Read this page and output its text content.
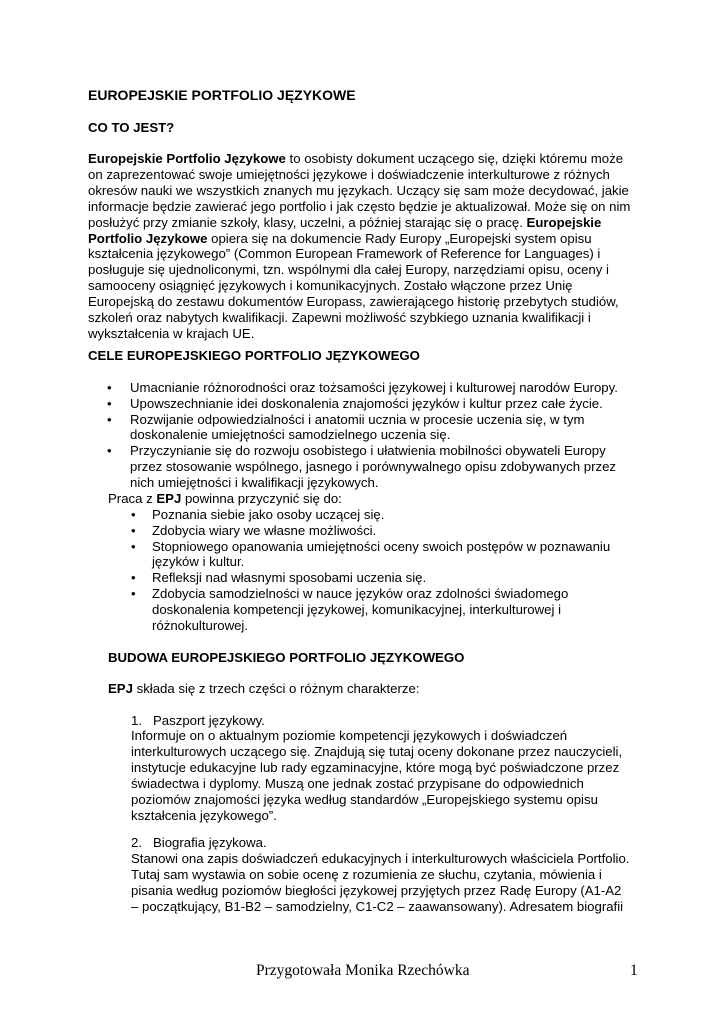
EUROPEJSKIE PORTFOLIO JĘZYKOWE
CO TO JEST?
Europejskie Portfolio Językowe to osobisty dokument uczącego się, dzięki któremu może
on zaprezentować swoje umiejętności językowe i doświadczenie interkulturowe z różnych
okresów nauki we wszystkich znanych mu językach. Uczący się sam może decydować, jakie
informacje będzie zawierać jego portfolio i jak często będzie je aktualizował. Może się on nim
posłużyć przy zmianie szkoły, klasy, uczelni, a później starając się o pracę. Europejskie
Portfolio Językowe opiera się na dokumencie Rady Europy „Europejski system opisu
kształcenia językowego” (Common European Framework of Reference for Languages) i
posługuje się ujednoliconymi, tzn. wspólnymi dla całej Europy, narzędziami opisu, oceny i
samooceny osiągnięć językowych i komunikacyjnych. Zostało włączone przez Unię
Europejską do zestawu dokumentów Europass, zawierającego historię przebytych studiów,
szkoleń oraz nabytych kwalifikacji. Zapewni możliwość szybkiego uznania kwalifikacji i
wykształcenia w krajach UE.
CELE EUROPEJSKIEGO PORTFOLIO JĘZYKOWEGO
• Umacnianie różnorodności oraz tożsamości językowej i kulturowej narodów Europy.
• Upowszechnianie idei doskonalenia znajomości języków i kultur przez całe życie.
• Rozwijanie odpowiedzialności i anatomii ucznia w procesie uczenia się, w tym
doskonalenie umiejętności samodzielnego uczenia się.
• Przyczynianie się do rozwoju osobistego i ułatwienia mobilności obywateli Europy
przez stosowanie wspólnego, jasnego i porównywalnego opisu zdobywanych przez
nich umiejętności i kwalifikacji językowych.
Praca z EPJ powinna przyczynić się do:
• Poznania siebie jako osoby uczącej się.
• Zdobycia wiary we własne możliwości.
• Stopniowego opanowania umiejętności oceny swoich postępów w poznawaniu
języków i kultur.
• Refleksji nad własnymi sposobami uczenia się.
• Zdobycia samodzielności w nauce języków oraz zdolności świadomego
doskonalenia kompetencji językowej, komunikacyjnej, interkulturowej i
różnokulturowej.
BUDOWA EUROPEJSKIEGO PORTFOLIO JĘZYKOWEGO
EPJ składa się z trzech części o różnym charakterze:
1. Paszport językowy.
Informuje on o aktualnym poziomie kompetencji językowych i doświadczeń
interkulturowych uczącego się. Znajdują się tutaj oceny dokonane przez nauczycieli,
instytucje edukacyjne lub rady egzaminacyjne, które mogą być poświadczone przez
świadectwa i dyplomy. Muszą one jednak zostać przypisane do odpowiednich
poziomów znajomości języka według standardów „Europejskiego systemu opisu
kształcenia językowego”.
2. Biografia językowa.
Stanowi ona zapis doświadczeń edukacyjnych i interkulturowych właściciela Portfolio.
Tutaj sam wystawia on sobie ocenę z rozumienia ze słuchu, czytania, mówienia i
pisania według poziomów biegłości językowej przyjętych przez Radę Europy (A1-A2
– początkujący, B1-B2 – samodzielny, C1-C2 – zaawansowany). Adresatem biografii
Przygotowała Monika Rzechówka	1
